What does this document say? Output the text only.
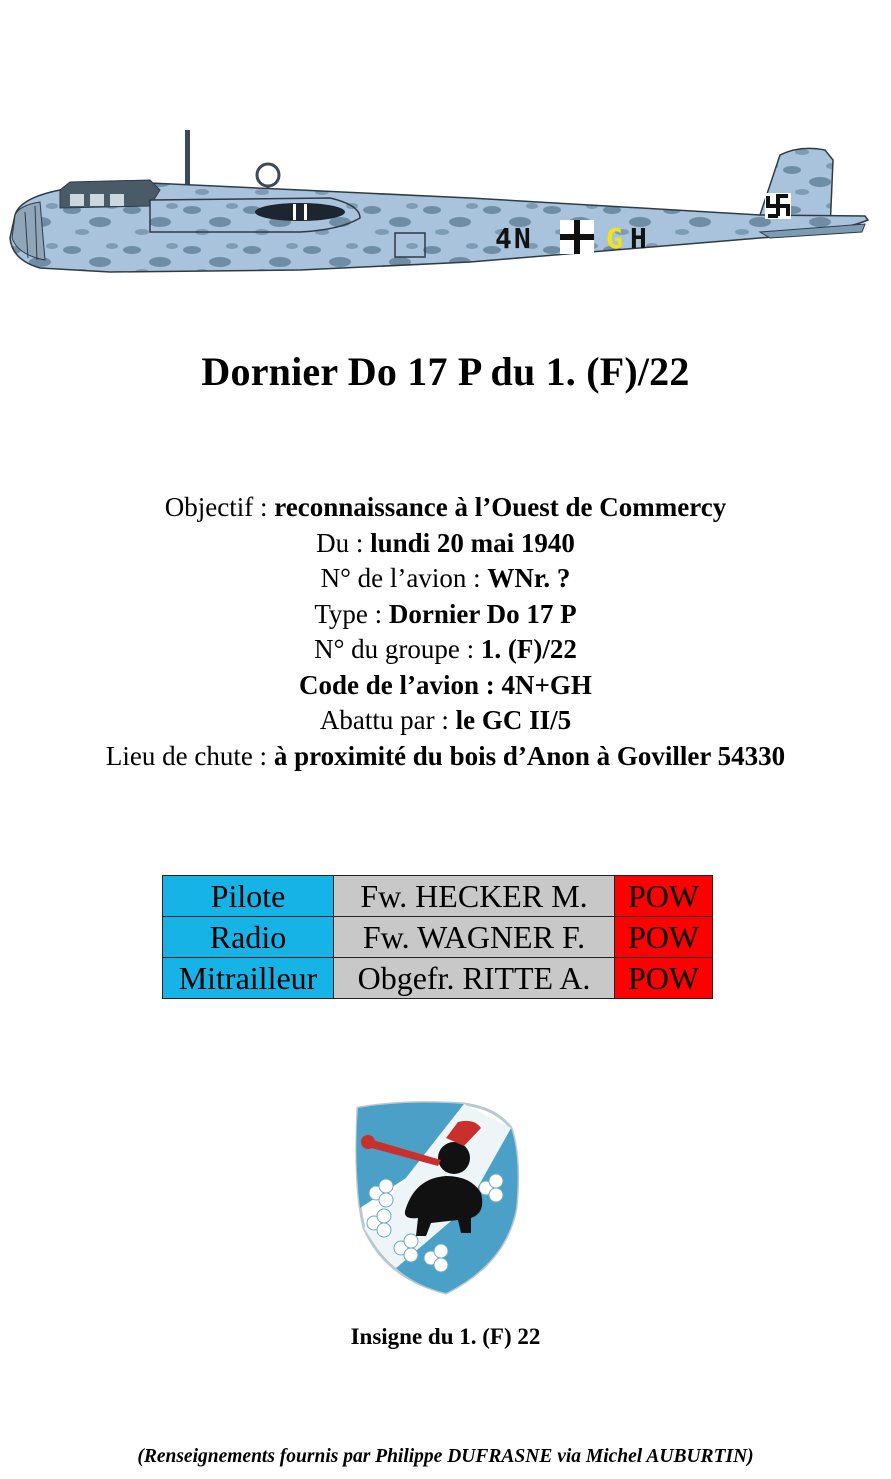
4N	G H
Dornier Do 17 P du 1. (F)/22
Objectif : reconnaissance à l’Ouest de Commercy
Du : lundi 20 mai 1940
N° de l’avion : WNr. ?
Type : Dornier Do 17 P
N° du groupe : 1. (F)/22
Code de l’avion : 4N+GH
Abattu par : le GC II/5
Lieu de chute : à proximité du bois d’Anon à Goviller 54330
Pilote	Fw. HECKER M.	POW
Radio	Fw. WAGNER F.	POW
Mitrailleur	Obgefr. RITTE A.	POW
Insigne du 1. (F) 22
(Renseignements fournis par Philippe DUFRASNE via Michel AUBURTIN)
